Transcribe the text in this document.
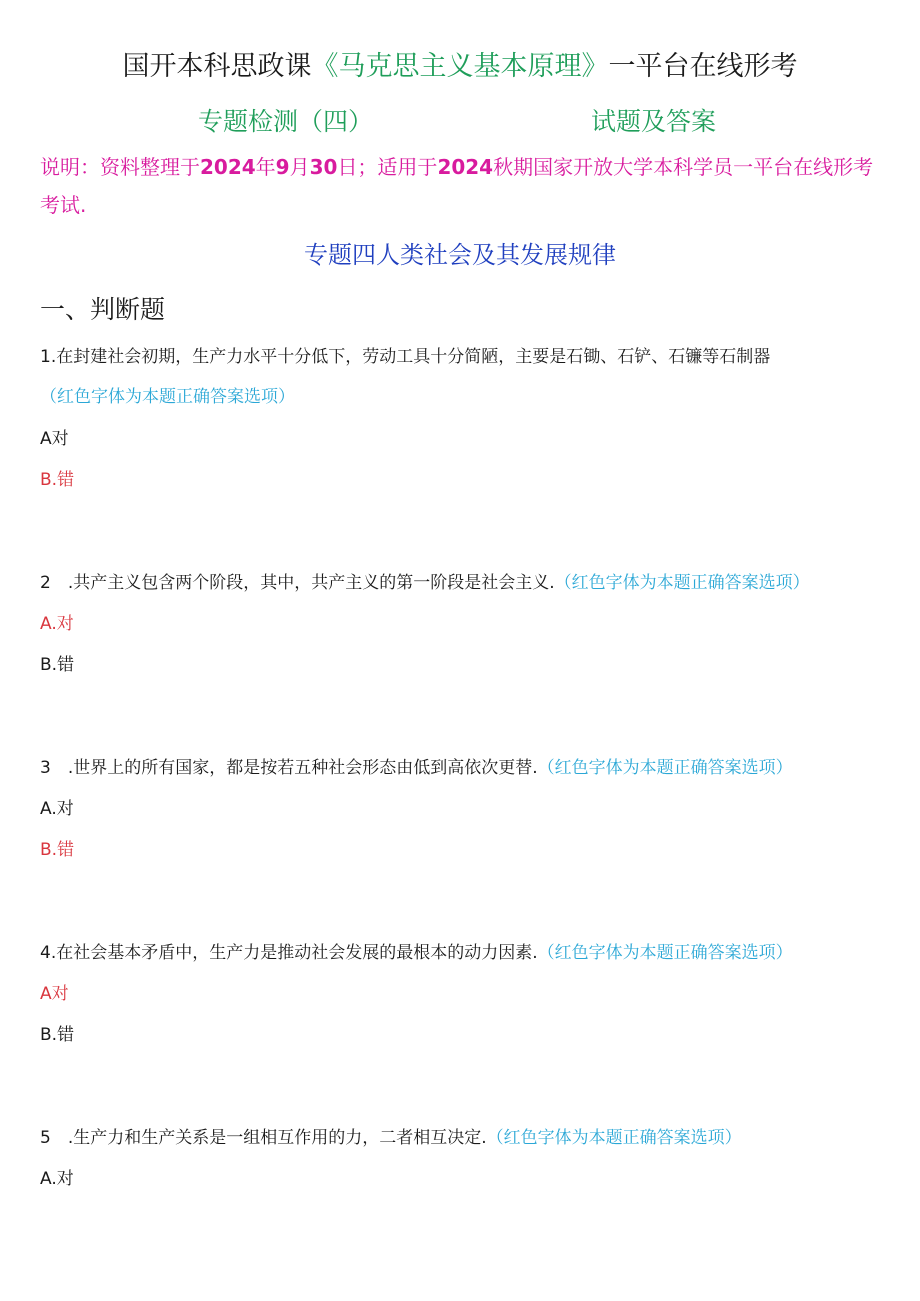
国开本科思政课《马克思主义基本原理》一平台在线形考
专题检测（四）	试题及答案
说明：资料整理于2024年9月30日；适用于2024秋期国家开放大学本科学员一平台在线形考考试.
专题四人类社会及其发展规律
一、判断题
1.在封建社会初期，生产力水平十分低下，劳动工具十分简陋，主要是石锄、石铲、石镰等石制器
（红色字体为本题正确答案选项）
A对
B.错
2　.共产主义包含两个阶段，其中，共产主义的第一阶段是社会主义.（红色字体为本题正确答案选项）
A.对
B.错
3　.世界上的所有国家，都是按若五种社会形态由低到高依次更替.（红色字体为本题正确答案选项）
A.对
B.错
4.在社会基本矛盾中，生产力是推动社会发展的最根本的动力因素.（红色字体为本题正确答案选项）
A对
B.错
5　.生产力和生产关系是一组相互作用的力，二者相互决定.（红色字体为本题正确答案选项）
A.对
